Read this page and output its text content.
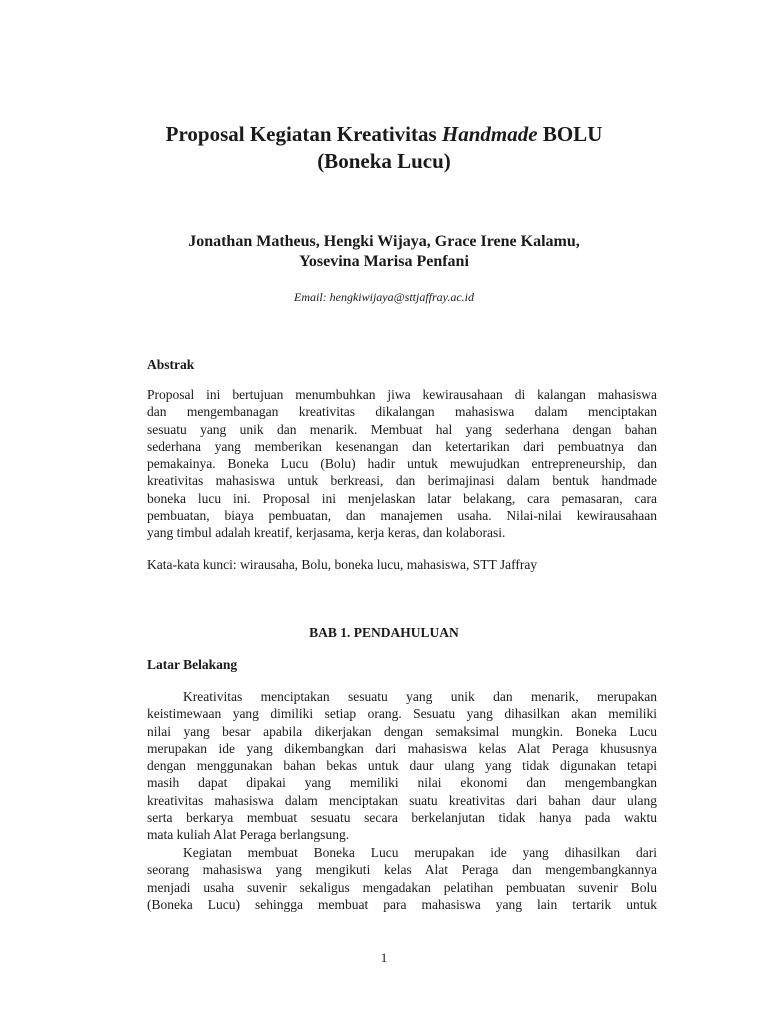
Proposal Kegiatan Kreativitas Handmade BOLU
(Boneka Lucu)

Jonathan Matheus, Hengki Wijaya, Grace Irene Kalamu,
Yosevina Marisa Penfani

Email: hengkiwijaya@sttjaffray.ac.id

Abstrak
Proposal ini bertujuan menumbuhkan jiwa kewirausahaan di kalangan mahasiswa
dan mengembanagan kreativitas dikalangan mahasiswa dalam menciptakan
sesuatu yang unik dan menarik. Membuat hal yang sederhana dengan bahan
sederhana yang memberikan kesenangan dan ketertarikan dari pembuatnya dan
pemakainya. Boneka Lucu (Bolu) hadir untuk mewujudkan entrepreneurship, dan
kreativitas mahasiswa untuk berkreasi, dan berimajinasi dalam bentuk handmade
boneka lucu ini. Proposal ini menjelaskan latar belakang, cara pemasaran, cara
pembuatan, biaya pembuatan, dan manajemen usaha. Nilai-nilai kewirausahaan
yang timbul adalah kreatif, kerjasama, kerja keras, dan kolaborasi.

Kata-kata kunci: wirausaha, Bolu, boneka lucu, mahasiswa, STT Jaffray

BAB 1. PENDAHULUAN
Latar Belakang
Kreativitas menciptakan sesuatu yang unik dan menarik, merupakan
keistimewaan yang dimiliki setiap orang. Sesuatu yang dihasilkan akan memiliki
nilai yang besar apabila dikerjakan dengan semaksimal mungkin. Boneka Lucu
merupakan ide yang dikembangkan dari mahasiswa kelas Alat Peraga khususnya
dengan menggunakan bahan bekas untuk daur ulang yang tidak digunakan tetapi
masih dapat dipakai yang memiliki nilai ekonomi dan mengembangkan
kreativitas mahasiswa dalam menciptakan suatu kreativitas dari bahan daur ulang
serta berkarya membuat sesuatu secara berkelanjutan tidak hanya pada waktu
mata kuliah Alat Peraga berlangsung.
Kegiatan membuat Boneka Lucu merupakan ide yang dihasilkan dari
seorang mahasiswa yang mengikuti kelas Alat Peraga dan mengembangkannya
menjadi usaha suvenir sekaligus mengadakan pelatihan pembuatan suvenir Bolu
(Boneka Lucu) sehingga membuat para mahasiswa yang lain tertarik untuk

1
